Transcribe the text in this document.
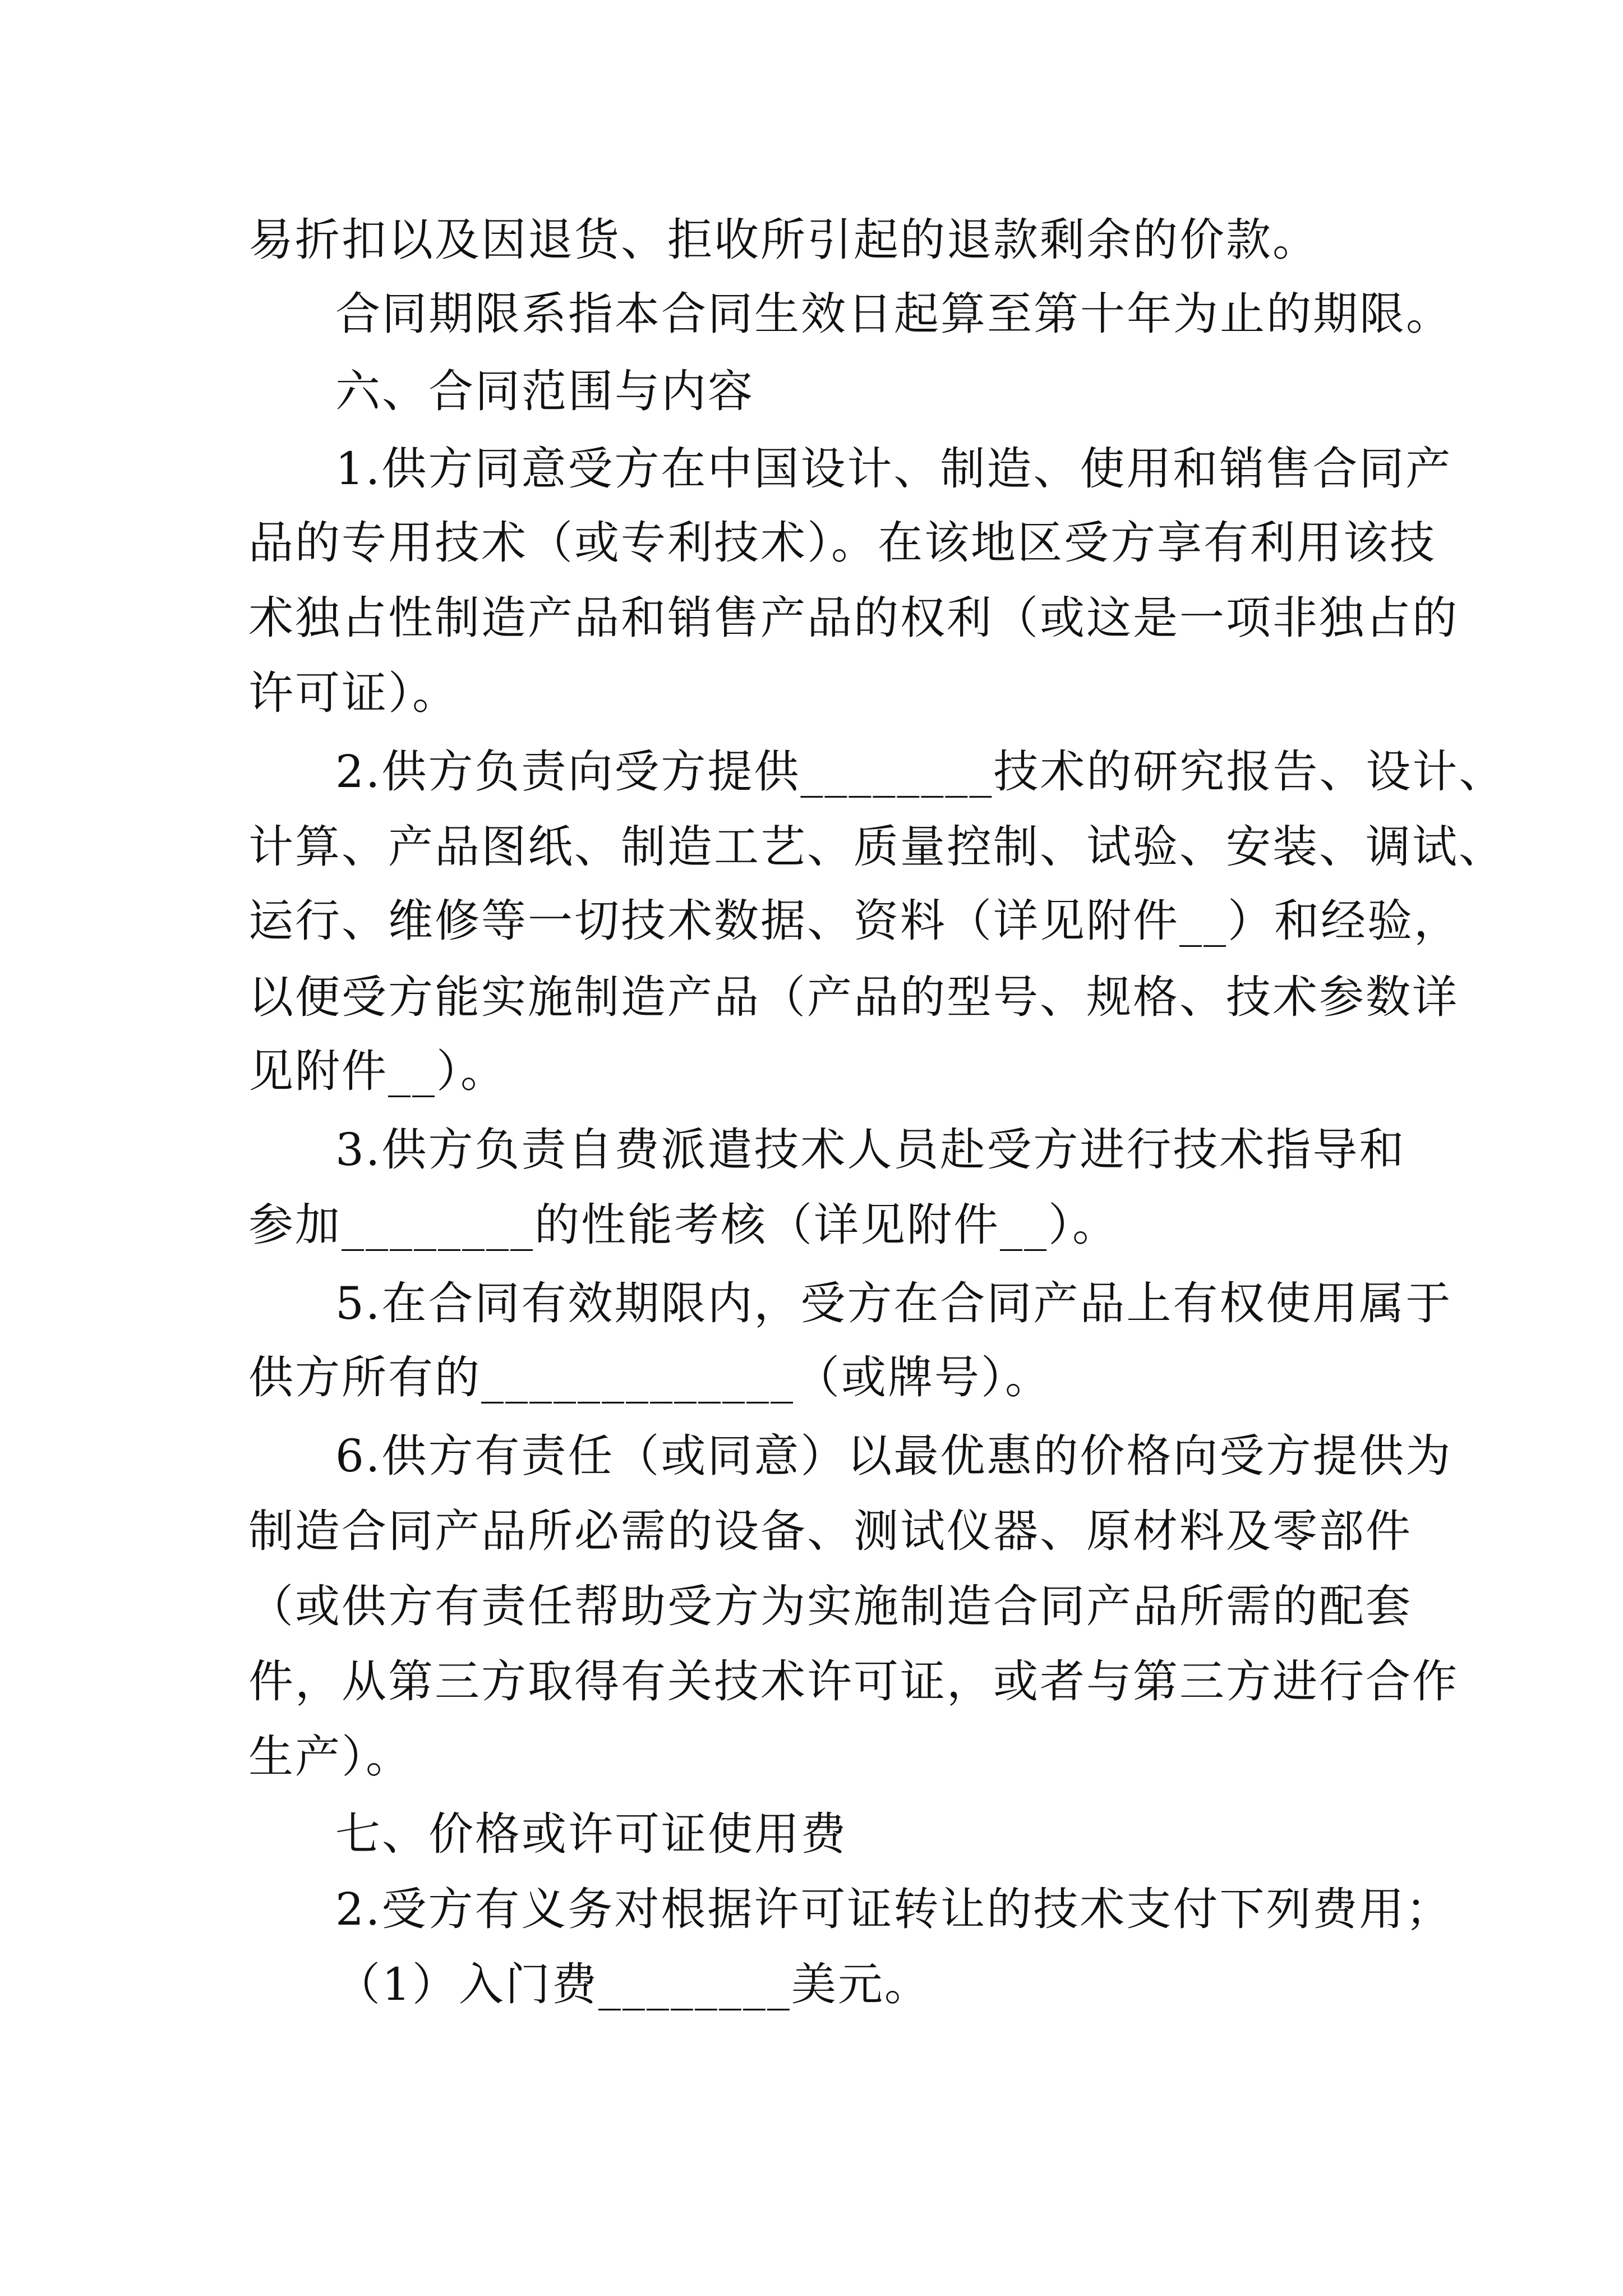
易折扣以及因退货、拒收所引起的退款剩余的价款。

合同期限系指本合同生效日起算至第十年为止的期限。

六、合同范围与内容

1.供方同意受方在中国设计、制造、使用和销售合同产

品的专用技术（或专利技术）。在该地区受方享有利用该技

术独占性制造产品和销售产品的权利（或这是一项非独占的

许可证）。

2.供方负责向受方提供________技术的研究报告、设计、

计算、产品图纸、制造工艺、质量控制、试验、安装、调试、

运行、维修等一切技术数据、资料（详见附件__）和经验，

以便受方能实施制造产品（产品的型号、规格、技术参数详

见附件__）。

3.供方负责自费派遣技术人员赴受方进行技术指导和

参加________的性能考核（详见附件__）。

5.在合同有效期限内，受方在合同产品上有权使用属于

供方所有的_____________（或牌号）。

6.供方有责任（或同意）以最优惠的价格向受方提供为

制造合同产品所必需的设备、测试仪器、原材料及零部件

（或供方有责任帮助受方为实施制造合同产品所需的配套

件，从第三方取得有关技术许可证，或者与第三方进行合作

生产）。

七、价格或许可证使用费

2.受方有义务对根据许可证转让的技术支付下列费用；

（1）入门费________美元。
